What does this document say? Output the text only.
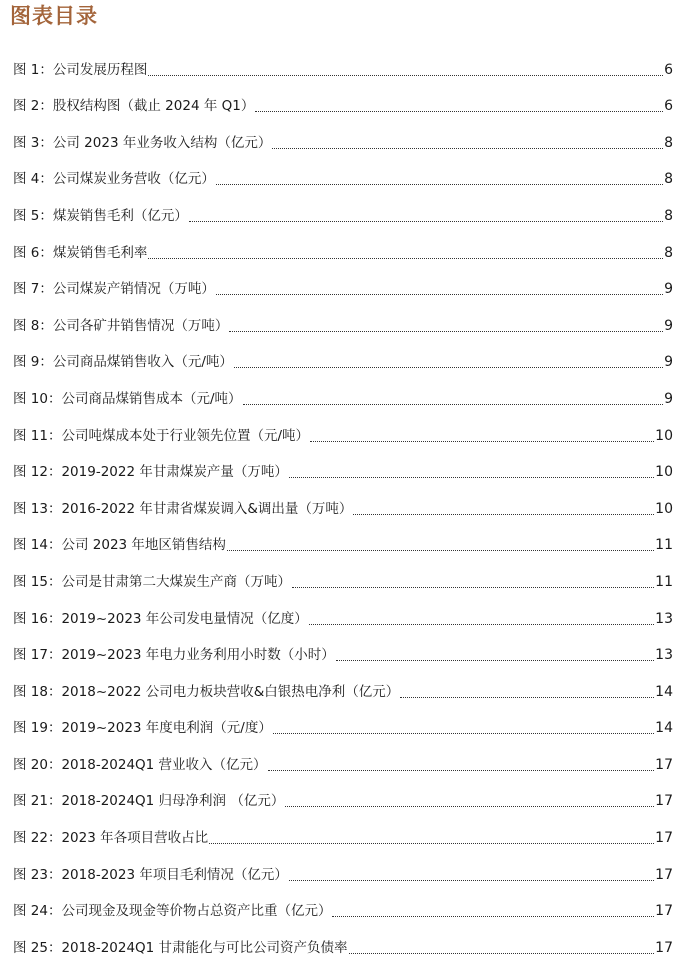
图表目录
图 1：公司发展历程图	6
图 2：股权结构图（截止 2024 年 Q1）	6
图 3：公司 2023 年业务收入结构（亿元）	8
图 4：公司煤炭业务营收（亿元）	8
图 5：煤炭销售毛利（亿元）	8
图 6：煤炭销售毛利率	8
图 7：公司煤炭产销情况（万吨）	9
图 8：公司各矿井销售情况（万吨）	9
图 9：公司商品煤销售收入（元/吨）	9
图 10：公司商品煤销售成本（元/吨）	9
图 11：公司吨煤成本处于行业领先位置（元/吨）	10
图 12：2019-2022 年甘肃煤炭产量（万吨）	10
图 13：2016-2022 年甘肃省煤炭调入&调出量（万吨）	10
图 14：公司 2023 年地区销售结构	11
图 15：公司是甘肃第二大煤炭生产商（万吨）	11
图 16：2019~2023 年公司发电量情况（亿度）	13
图 17：2019~2023 年电力业务利用小时数（小时）	13
图 18：2018~2022 公司电力板块营收&白银热电净利（亿元）	14
图 19：2019~2023 年度电利润（元/度）	14
图 20：2018-2024Q1 营业收入（亿元）	17
图 21：2018-2024Q1 归母净利润 （亿元）	17
图 22：2023 年各项目营收占比	17
图 23：2018-2023 年项目毛利情况（亿元）	17
图 24：公司现金及现金等价物占总资产比重（亿元）	17
图 25：2018-2024Q1 甘肃能化与可比公司资产负债率	17
